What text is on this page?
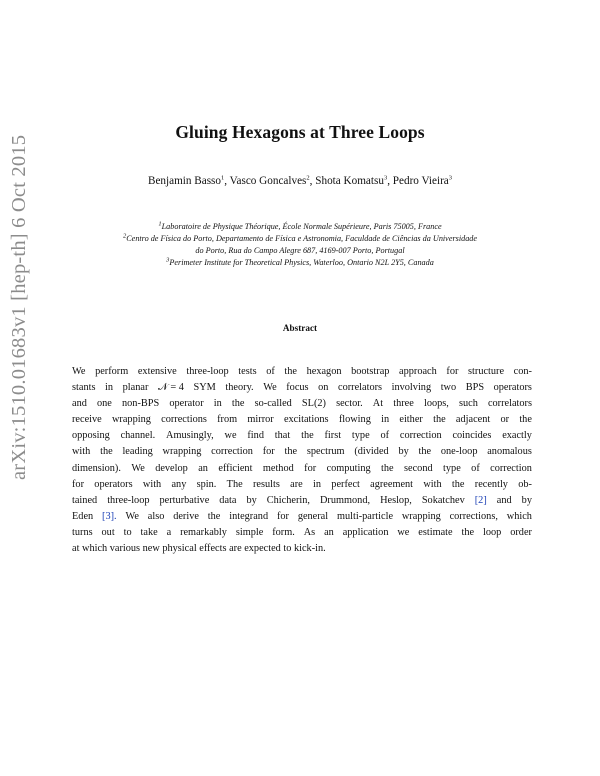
arXiv:1510.01683v1 [hep-th] 6 Oct 2015
Gluing Hexagons at Three Loops
Benjamin Basso$^1$, Vasco Goncalves$^2$, Shota Komatsu$^3$, Pedro Vieira$^3$
$^1$Laboratoire de Physique Théorique, École Normale Supérieure, Paris 75005, France
$^2$Centro de Física do Porto, Departamento de Física e Astronomia, Faculdade de Ciências da Universidade
do Porto, Rua do Campo Alegre 687, 4169-007 Porto, Portugal
$^3$Perimeter Institute for Theoretical Physics, Waterloo, Ontario N2L 2Y5, Canada
Abstract
We perform extensive three-loop tests of the hexagon bootstrap approach for structure con-
stants in planar 𝒩 = 4 SYM theory. We focus on correlators involving two BPS operators
and one non-BPS operator in the so-called SL(2) sector. At three loops, such correlators
receive wrapping corrections from mirror excitations flowing in either the adjacent or the
opposing channel. Amusingly, we find that the first type of correction coincides exactly
with the leading wrapping correction for the spectrum (divided by the one-loop anomalous
dimension). We develop an efficient method for computing the second type of correction
for operators with any spin. The results are in perfect agreement with the recently ob-
tained three-loop perturbative data by Chicherin, Drummond, Heslop, Sokatchev [2] and by
Eden [3]. We also derive the integrand for general multi-particle wrapping corrections, which
turns out to take a remarkably simple form. As an application we estimate the loop order
at which various new physical effects are expected to kick-in.
